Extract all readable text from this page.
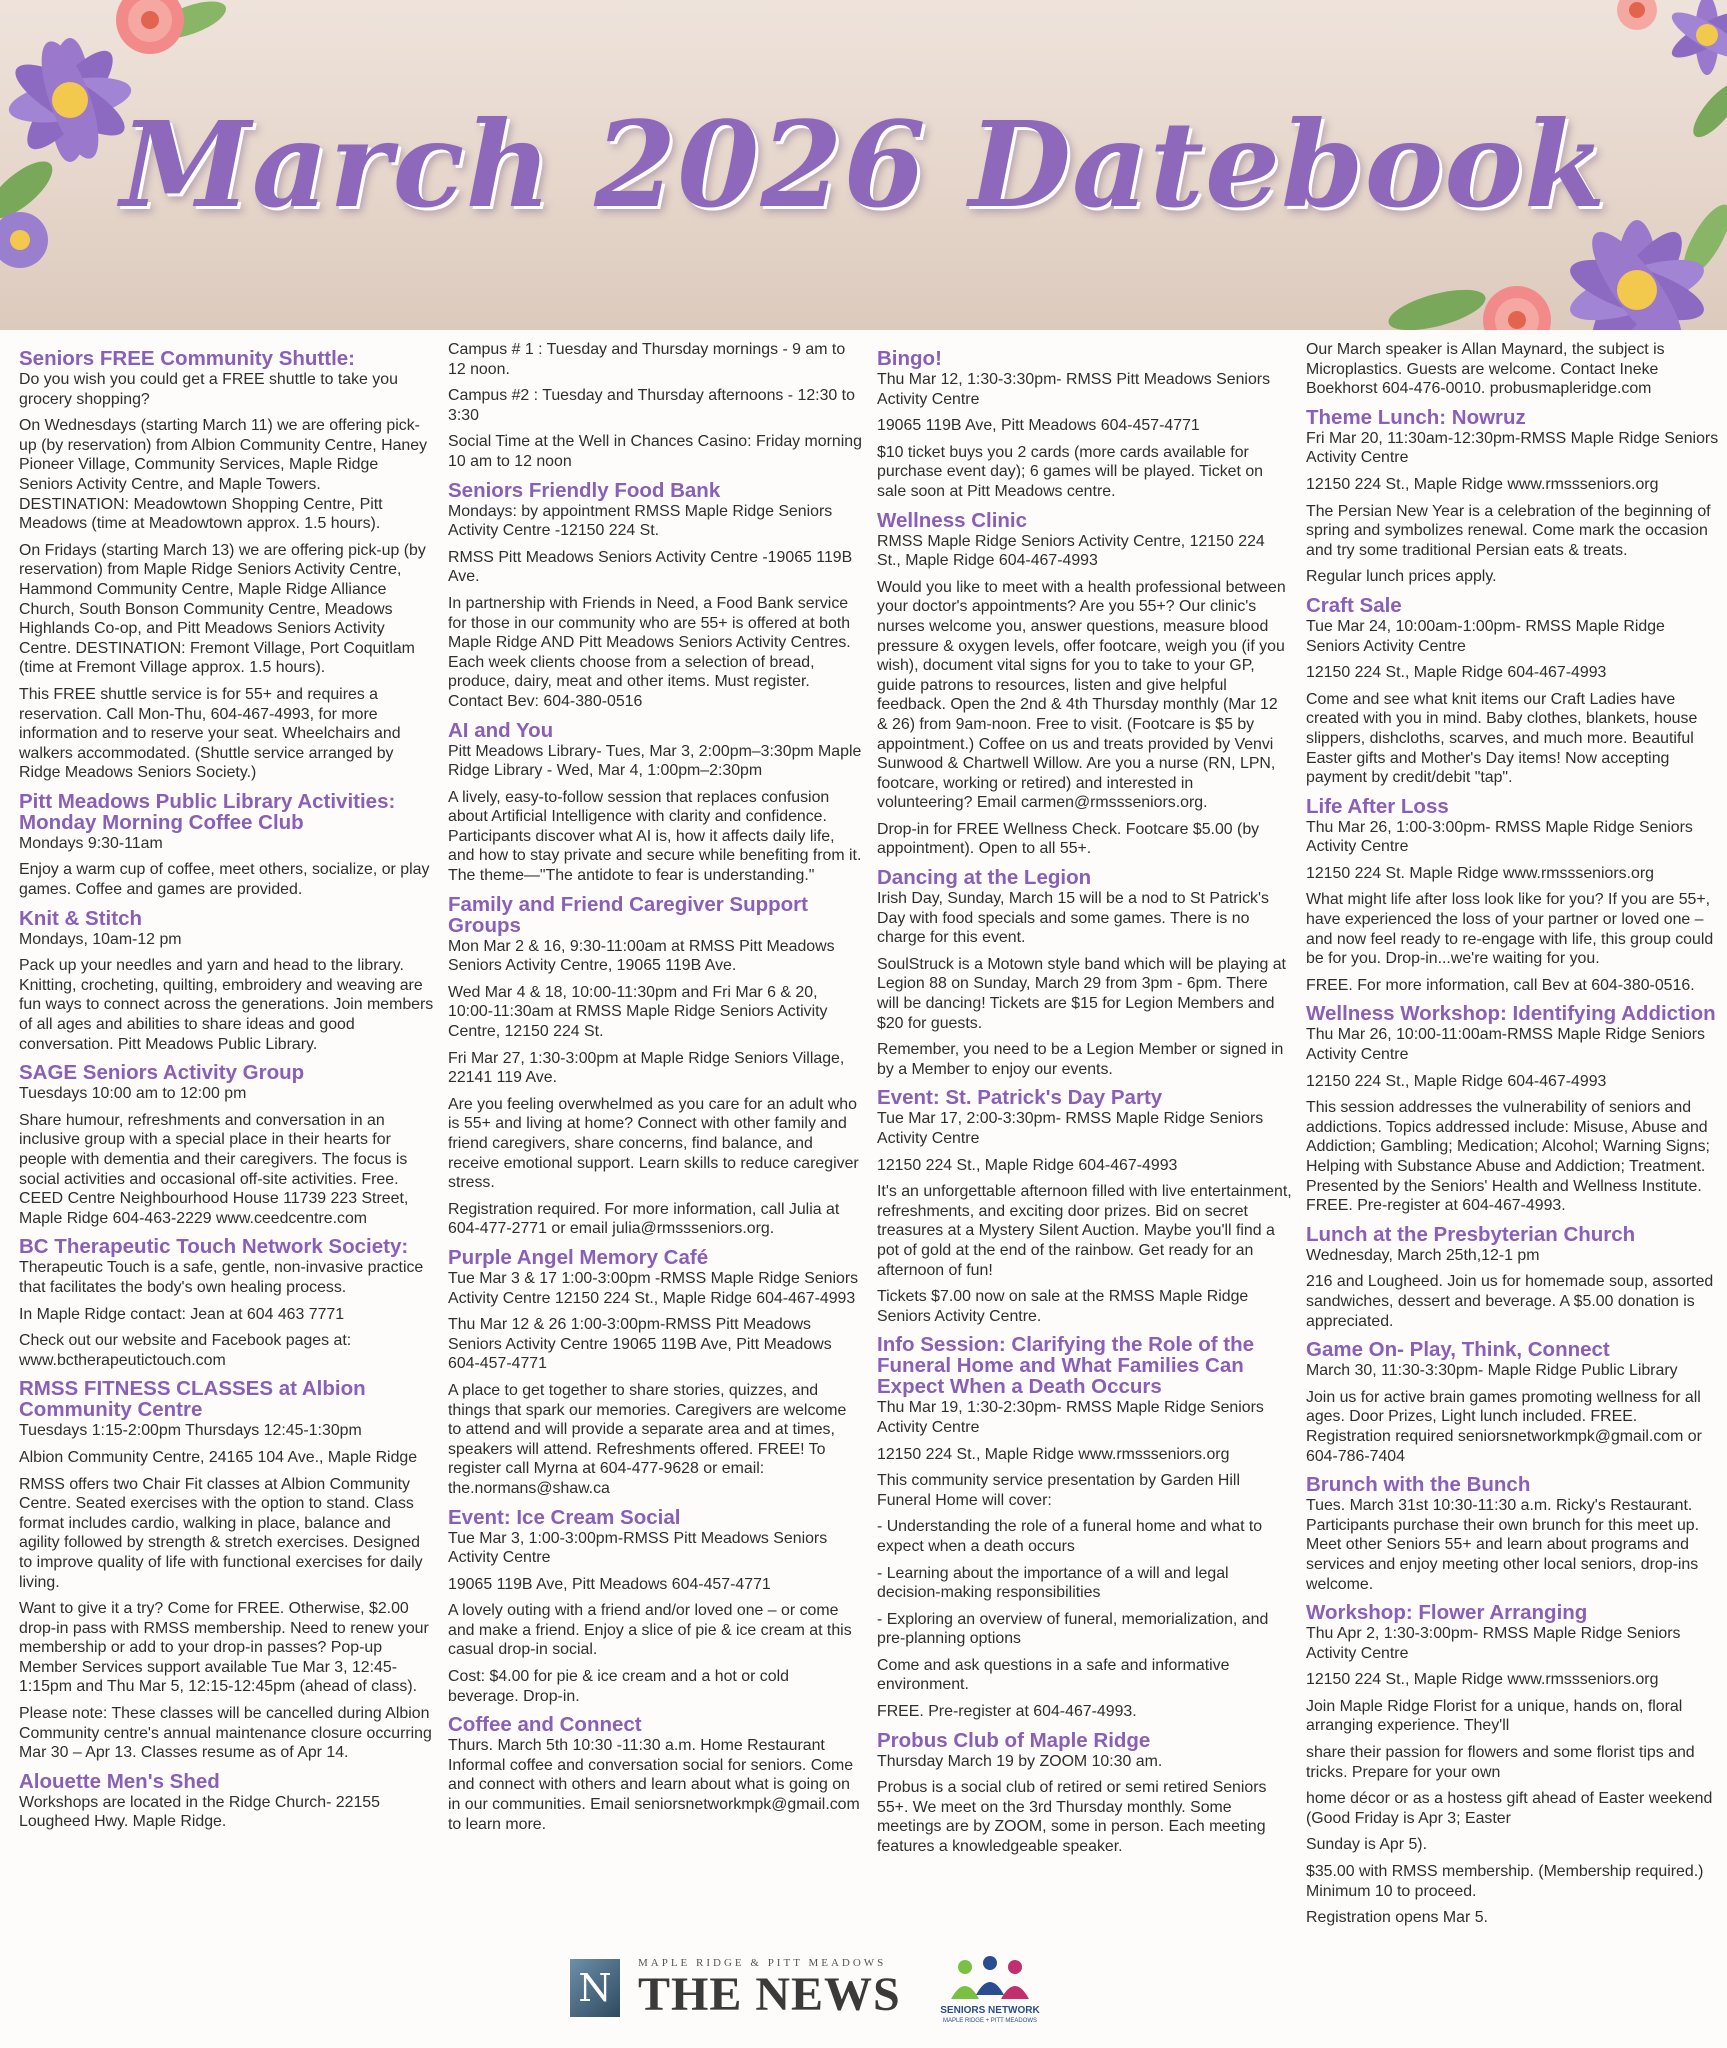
March 2026 Datebook
Seniors FREE Community Shuttle:
Do you wish you could get a FREE shuttle to take you grocery shopping?
On Wednesdays (starting March 11) we are offering pick-up (by reservation) from Albion Community Centre, Haney Pioneer Village, Community Services, Maple Ridge Seniors Activity Centre, and Maple Towers. DESTINATION: Meadowtown Shopping Centre, Pitt Meadows (time at Meadowtown approx. 1.5 hours).
On Fridays (starting March 13) we are offering pick-up (by reservation) from Maple Ridge Seniors Activity Centre, Hammond Community Centre, Maple Ridge Alliance Church, South Bonson Community Centre, Meadows Highlands Co-op, and Pitt Meadows Seniors Activity Centre. DESTINATION: Fremont Village, Port Coquitlam (time at Fremont Village approx. 1.5 hours).
This FREE shuttle service is for 55+ and requires a reservation. Call Mon-Thu, 604-467-4993, for more information and to reserve your seat. Wheelchairs and walkers accommodated. (Shuttle service arranged by Ridge Meadows Seniors Society.)
Pitt Meadows Public Library Activities: Monday Morning Coffee Club
Mondays 9:30-11am
Enjoy a warm cup of coffee, meet others, socialize, or play games. Coffee and games are provided.
Knit & Stitch
Mondays, 10am-12 pm
Pack up your needles and yarn and head to the library. Knitting, crocheting, quilting, embroidery and weaving are fun ways to connect across the generations. Join members of all ages and abilities to share ideas and good conversation. Pitt Meadows Public Library.
SAGE Seniors Activity Group
Tuesdays 10:00 am to 12:00 pm
Share humour, refreshments and conversation in an inclusive group with a special place in their hearts for people with dementia and their caregivers. The focus is social activities and occasional off-site activities. Free. CEED Centre Neighbourhood House 11739 223 Street, Maple Ridge 604-463-2229 www.ceedcentre.com
BC Therapeutic Touch Network Society:
Therapeutic Touch is a safe, gentle, non-invasive practice that facilitates the body's own healing process.
In Maple Ridge contact: Jean at 604 463 7771
Check out our website and Facebook pages at: www.bctherapeutictouch.com
RMSS FITNESS CLASSES at Albion Community Centre
Tuesdays 1:15-2:00pm Thursdays 12:45-1:30pm
Albion Community Centre, 24165 104 Ave., Maple Ridge
RMSS offers two Chair Fit classes at Albion Community Centre. Seated exercises with the option to stand. Class format includes cardio, walking in place, balance and agility followed by strength & stretch exercises. Designed to improve quality of life with functional exercises for daily living.
Want to give it a try? Come for FREE. Otherwise, $2.00 drop-in pass with RMSS membership. Need to renew your membership or add to your drop-in passes? Pop-up Member Services support available Tue Mar 3, 12:45-1:15pm and Thu Mar 5, 12:15-12:45pm (ahead of class).
Please note: These classes will be cancelled during Albion Community centre's annual maintenance closure occurring Mar 30 – Apr 13. Classes resume as of Apr 14.
Alouette Men's Shed
Workshops are located in the Ridge Church- 22155 Lougheed Hwy. Maple Ridge.
Campus # 1 : Tuesday and Thursday mornings - 9 am to 12 noon.
Campus #2 : Tuesday and Thursday afternoons - 12:30 to 3:30
Social Time at the Well in Chances Casino: Friday morning 10 am to 12 noon
Seniors Friendly Food Bank
Mondays: by appointment RMSS Maple Ridge Seniors Activity Centre -12150 224 St.
RMSS Pitt Meadows Seniors Activity Centre -19065 119B Ave.
In partnership with Friends in Need, a Food Bank service for those in our community who are 55+ is offered at both Maple Ridge AND Pitt Meadows Seniors Activity Centres. Each week clients choose from a selection of bread, produce, dairy, meat and other items. Must register. Contact Bev: 604-380-0516
AI and You
Pitt Meadows Library- Tues, Mar 3, 2:00pm–3:30pm Maple Ridge Library - Wed, Mar 4, 1:00pm–2:30pm
A lively, easy-to-follow session that replaces confusion about Artificial Intelligence with clarity and confidence. Participants discover what AI is, how it affects daily life, and how to stay private and secure while benefiting from it. The theme—"The antidote to fear is understanding."
Family and Friend Caregiver Support Groups
Mon Mar 2 & 16, 9:30-11:00am at RMSS Pitt Meadows Seniors Activity Centre, 19065 119B Ave.
Wed Mar 4 & 18, 10:00-11:30pm and Fri Mar 6 & 20, 10:00-11:30am at RMSS Maple Ridge Seniors Activity Centre, 12150 224 St.
Fri Mar 27, 1:30-3:00pm at Maple Ridge Seniors Village, 22141 119 Ave.
Are you feeling overwhelmed as you care for an adult who is 55+ and living at home? Connect with other family and friend caregivers, share concerns, find balance, and receive emotional support. Learn skills to reduce caregiver stress.
Registration required. For more information, call Julia at 604-477-2771 or email julia@rmssseniors.org.
Purple Angel Memory Café
Tue Mar 3 & 17 1:00-3:00pm -RMSS Maple Ridge Seniors Activity Centre 12150 224 St., Maple Ridge 604-467-4993
Thu Mar 12 & 26 1:00-3:00pm-RMSS Pitt Meadows Seniors Activity Centre 19065 119B Ave, Pitt Meadows 604-457-4771
A place to get together to share stories, quizzes, and things that spark our memories. Caregivers are welcome to attend and will provide a separate area and at times, speakers will attend. Refreshments offered. FREE! To register call Myrna at 604-477-9628 or email: the.normans@shaw.ca
Event: Ice Cream Social
Tue Mar 3, 1:00-3:00pm-RMSS Pitt Meadows Seniors Activity Centre
19065 119B Ave, Pitt Meadows 604-457-4771
A lovely outing with a friend and/or loved one – or come and make a friend. Enjoy a slice of pie & ice cream at this casual drop-in social.
Cost: $4.00 for pie & ice cream and a hot or cold beverage. Drop-in.
Coffee and Connect
Thurs. March 5th 10:30 -11:30 a.m. Home Restaurant Informal coffee and conversation social for seniors. Come and connect with others and learn about what is going on in our communities. Email seniorsnetworkmpk@gmail.com to learn more.
Bingo!
Thu Mar 12, 1:30-3:30pm- RMSS Pitt Meadows Seniors Activity Centre
19065 119B Ave, Pitt Meadows 604-457-4771
$10 ticket buys you 2 cards (more cards available for purchase event day); 6 games will be played. Ticket on sale soon at Pitt Meadows centre.
Wellness Clinic
RMSS Maple Ridge Seniors Activity Centre, 12150 224 St., Maple Ridge 604-467-4993
Would you like to meet with a health professional between your doctor's appointments? Are you 55+? Our clinic's nurses welcome you, answer questions, measure blood pressure & oxygen levels, offer footcare, weigh you (if you wish), document vital signs for you to take to your GP, guide patrons to resources, listen and give helpful feedback. Open the 2nd & 4th Thursday monthly (Mar 12 & 26) from 9am-noon. Free to visit. (Footcare is $5 by appointment.) Coffee on us and treats provided by Venvi Sunwood & Chartwell Willow. Are you a nurse (RN, LPN, footcare, working or retired) and interested in volunteering? Email carmen@rmssseniors.org.
Drop-in for FREE Wellness Check. Footcare $5.00 (by appointment). Open to all 55+.
Dancing at the Legion
Irish Day, Sunday, March 15 will be a nod to St Patrick's Day with food specials and some games. There is no charge for this event.
SoulStruck is a Motown style band which will be playing at Legion 88 on Sunday, March 29 from 3pm - 6pm. There will be dancing! Tickets are $15 for Legion Members and $20 for guests.
Remember, you need to be a Legion Member or signed in by a Member to enjoy our events.
Event: St. Patrick's Day Party
Tue Mar 17, 2:00-3:30pm- RMSS Maple Ridge Seniors Activity Centre
12150 224 St., Maple Ridge 604-467-4993
It's an unforgettable afternoon filled with live entertainment, refreshments, and exciting door prizes. Bid on secret treasures at a Mystery Silent Auction. Maybe you'll find a pot of gold at the end of the rainbow. Get ready for an afternoon of fun!
Tickets $7.00 now on sale at the RMSS Maple Ridge Seniors Activity Centre.
Info Session: Clarifying the Role of the Funeral Home and What Families Can Expect When a Death Occurs
Thu Mar 19, 1:30-2:30pm- RMSS Maple Ridge Seniors Activity Centre
12150 224 St., Maple Ridge www.rmssseniors.org
This community service presentation by Garden Hill Funeral Home will cover:
- Understanding the role of a funeral home and what to expect when a death occurs
- Learning about the importance of a will and legal decision-making responsibilities
- Exploring an overview of funeral, memorialization, and pre-planning options
Come and ask questions in a safe and informative environment.
FREE. Pre-register at 604-467-4993.
Probus Club of Maple Ridge
Thursday March 19 by ZOOM 10:30 am.
Probus is a social club of retired or semi retired Seniors 55+. We meet on the 3rd Thursday monthly. Some meetings are by ZOOM, some in person. Each meeting features a knowledgeable speaker.
Our March speaker is Allan Maynard, the subject is Microplastics. Guests are welcome. Contact Ineke Boekhorst 604-476-0010. probusmapleridge.com
Theme Lunch: Nowruz
Fri Mar 20, 11:30am-12:30pm-RMSS Maple Ridge Seniors Activity Centre
12150 224 St., Maple Ridge www.rmssseniors.org
The Persian New Year is a celebration of the beginning of spring and symbolizes renewal. Come mark the occasion and try some traditional Persian eats & treats.
Regular lunch prices apply.
Craft Sale
Tue Mar 24, 10:00am-1:00pm- RMSS Maple Ridge Seniors Activity Centre
12150 224 St., Maple Ridge 604-467-4993
Come and see what knit items our Craft Ladies have created with you in mind. Baby clothes, blankets, house slippers, dishcloths, scarves, and much more. Beautiful Easter gifts and Mother's Day items! Now accepting payment by credit/debit "tap".
Life After Loss
Thu Mar 26, 1:00-3:00pm- RMSS Maple Ridge Seniors Activity Centre
12150 224 St. Maple Ridge www.rmssseniors.org
What might life after loss look like for you? If you are 55+, have experienced the loss of your partner or loved one – and now feel ready to re-engage with life, this group could be for you. Drop-in...we're waiting for you.
FREE. For more information, call Bev at 604-380-0516.
Wellness Workshop: Identifying Addiction
Thu Mar 26, 10:00-11:00am-RMSS Maple Ridge Seniors Activity Centre
12150 224 St., Maple Ridge 604-467-4993
This session addresses the vulnerability of seniors and addictions. Topics addressed include: Misuse, Abuse and Addiction; Gambling; Medication; Alcohol; Warning Signs; Helping with Substance Abuse and Addiction; Treatment. Presented by the Seniors' Health and Wellness Institute. FREE. Pre-register at 604-467-4993.
Lunch at the Presbyterian Church
Wednesday, March 25th,12-1 pm
216 and Lougheed. Join us for homemade soup, assorted sandwiches, dessert and beverage. A $5.00 donation is appreciated.
Game On- Play, Think, Connect
March 30, 11:30-3:30pm- Maple Ridge Public Library
Join us for active brain games promoting wellness for all ages. Door Prizes, Light lunch included. FREE. Registration required seniorsnetworkmpk@gmail.com or 604-786-7404
Brunch with the Bunch
Tues. March 31st 10:30-11:30 a.m. Ricky's Restaurant. Participants purchase their own brunch for this meet up. Meet other Seniors 55+ and learn about programs and services and enjoy meeting other local seniors, drop-ins welcome.
Workshop: Flower Arranging
Thu Apr 2, 1:30-3:00pm- RMSS Maple Ridge Seniors Activity Centre
12150 224 St., Maple Ridge www.rmssseniors.org
Join Maple Ridge Florist for a unique, hands on, floral arranging experience. They'll
share their passion for flowers and some florist tips and tricks. Prepare for your own
home décor or as a hostess gift ahead of Easter weekend (Good Friday is Apr 3; Easter
Sunday is Apr 5).
$35.00 with RMSS membership. (Membership required.) Minimum 10 to proceed.
Registration opens Mar 5.
N
MAPLE RIDGE & PITT MEADOWS
THE NEWS	SENIORS NETWORK
MAPLE RIDGE + PITT MEADOWS
